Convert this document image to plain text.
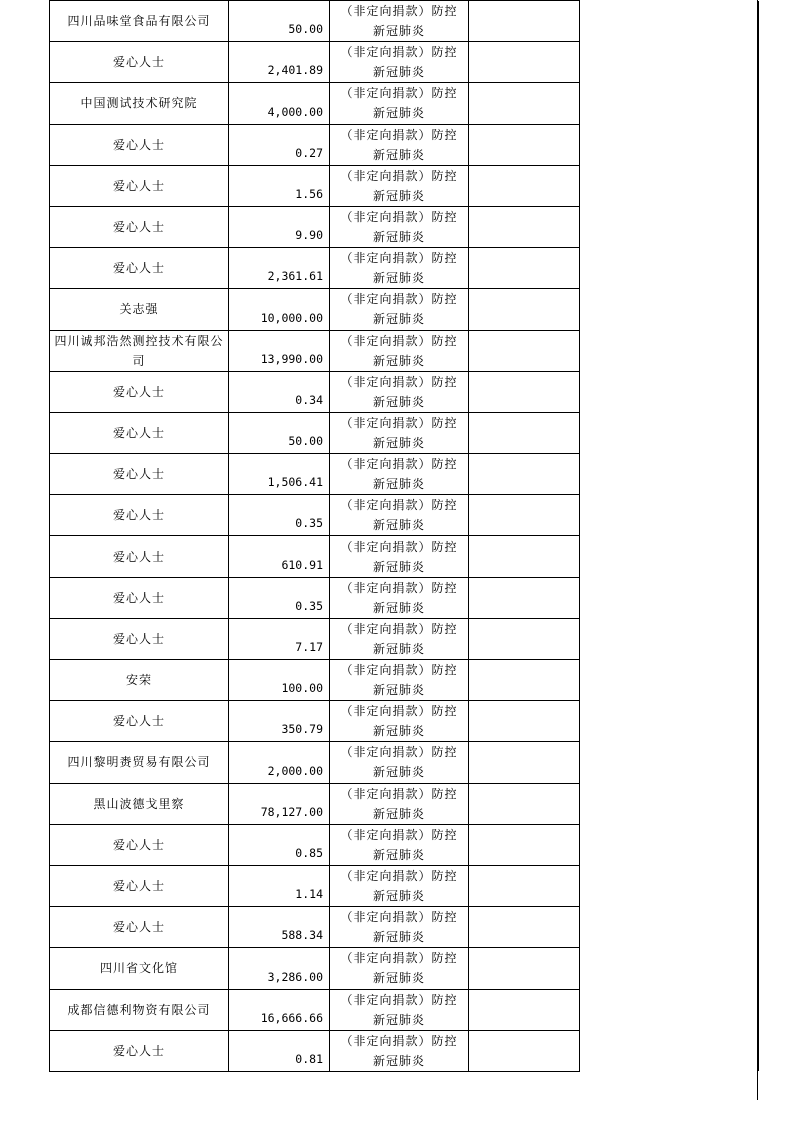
四川品味堂食品有限公司	50.00	（非定向捐款）防控新冠肺炎		
爱心人士	2,401.89	（非定向捐款）防控新冠肺炎		
中国测试技术研究院	4,000.00	（非定向捐款）防控新冠肺炎		
爱心人士	0.27	（非定向捐款）防控新冠肺炎		
爱心人士	1.56	（非定向捐款）防控新冠肺炎		
爱心人士	9.90	（非定向捐款）防控新冠肺炎		
爱心人士	2,361.61	（非定向捐款）防控新冠肺炎		
关志强	10,000.00	（非定向捐款）防控新冠肺炎		
四川诚邦浩然测控技术有限公司	13,990.00	（非定向捐款）防控新冠肺炎		
爱心人士	0.34	（非定向捐款）防控新冠肺炎		
爱心人士	50.00	（非定向捐款）防控新冠肺炎		
爱心人士	1,506.41	（非定向捐款）防控新冠肺炎		
爱心人士	0.35	（非定向捐款）防控新冠肺炎		
爱心人士	610.91	（非定向捐款）防控新冠肺炎		
爱心人士	0.35	（非定向捐款）防控新冠肺炎		
爱心人士	7.17	（非定向捐款）防控新冠肺炎		
安荣	100.00	（非定向捐款）防控新冠肺炎		
爱心人士	350.79	（非定向捐款）防控新冠肺炎		
四川黎明赉贸易有限公司	2,000.00	（非定向捐款）防控新冠肺炎		
黑山波德戈里察	78,127.00	（非定向捐款）防控新冠肺炎		
爱心人士	0.85	（非定向捐款）防控新冠肺炎		
爱心人士	1.14	（非定向捐款）防控新冠肺炎		
爱心人士	588.34	（非定向捐款）防控新冠肺炎		
四川省文化馆	3,286.00	（非定向捐款）防控新冠肺炎		
成都信德利物资有限公司	16,666.66	（非定向捐款）防控新冠肺炎		
爱心人士	0.81	（非定向捐款）防控新冠肺炎		
